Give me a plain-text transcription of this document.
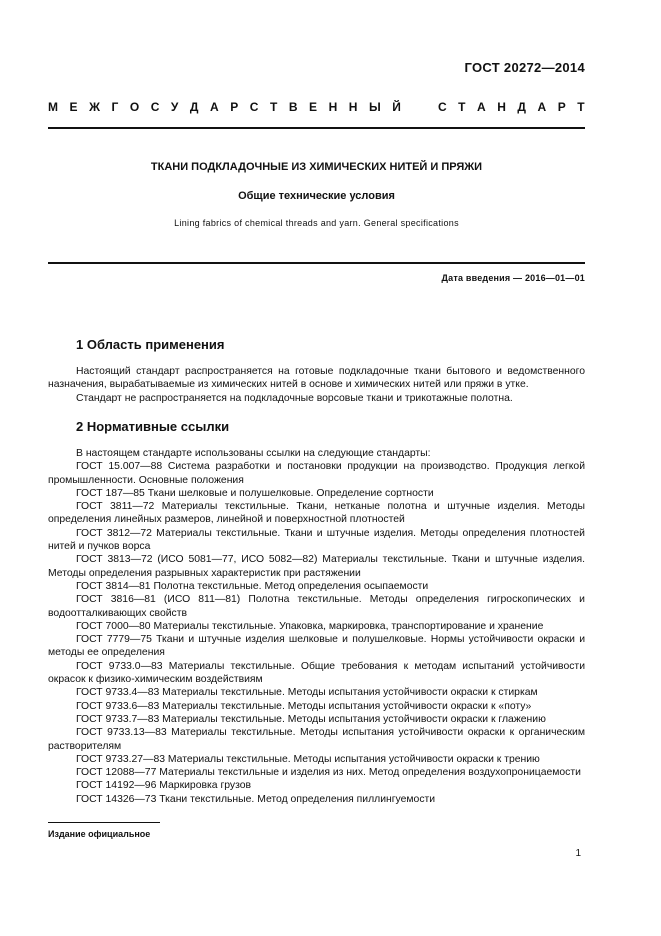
ГОСТ 20272—2014
М Е Ж Г О С У Д А Р С Т В Е Н Н Ы Й	С Т А Н Д А Р Т
ТКАНИ ПОДКЛАДОЧНЫЕ ИЗ ХИМИЧЕСКИХ НИТЕЙ И ПРЯЖИ
Общие технические условия
Lining fabrics of chemical threads and yarn. General specifications
Дата введения — 2016—01—01
1 Область применения

Настоящий стандарт распространяется на готовые подкладочные ткани бытового и ведомственного назначения, вырабатываемые из химических нитей в основе и химических нитей или пряжи в утке.

Стандарт не распространяется на подкладочные ворсовые ткани и трикотажные полотна.

2 Нормативные ссылки

В настоящем стандарте использованы ссылки на следующие стандарты:

ГОСТ 15.007—88 Система разработки и постановки продукции на производство. Продукция легкой промышленности. Основные положения

ГОСТ 187—85 Ткани шелковые и полушелковые. Определение сортности

ГОСТ 3811—72 Материалы текстильные. Ткани, нетканые полотна и штучные изделия. Методы определения линейных размеров, линейной и поверхностной плотностей

ГОСТ 3812—72 Материалы текстильные. Ткани и штучные изделия. Методы определения плотностей нитей и пучков ворса

ГОСТ 3813—72 (ИСО 5081—77, ИСО 5082—82) Материалы текстильные. Ткани и штучные изделия. Методы определения разрывных характеристик при растяжении

ГОСТ 3814—81 Полотна текстильные. Метод определения осыпаемости

ГОСТ 3816—81 (ИСО 811—81) Полотна текстильные. Методы определения гигроскопических и водоотталкивающих свойств

ГОСТ 7000—80 Материалы текстильные. Упаковка, маркировка, транспортирование и хранение

ГОСТ 7779—75 Ткани и штучные изделия шелковые и полушелковые. Нормы устойчивости окраски и методы ее определения

ГОСТ 9733.0—83 Материалы текстильные. Общие требования к методам испытаний устойчивости окрасок к физико-химическим воздействиям

ГОСТ 9733.4—83 Материалы текстильные. Методы испытания устойчивости окраски к стиркам

ГОСТ 9733.6—83 Материалы текстильные. Методы испытания устойчивости окраски к «поту»

ГОСТ 9733.7—83 Материалы текстильные. Методы испытания устойчивости окраски к глажению

ГОСТ 9733.13—83 Материалы текстильные. Методы испытания устойчивости окраски к органическим растворителям

ГОСТ 9733.27—83 Материалы текстильные. Методы испытания устойчивости окраски к трению

ГОСТ 12088—77 Материалы текстильные и изделия из них. Метод определения воздухопроницаемости

ГОСТ 14192—96 Маркировка грузов

ГОСТ 14326—73 Ткани текстильные. Метод определения пиллингуемости

Издание официальное
1
